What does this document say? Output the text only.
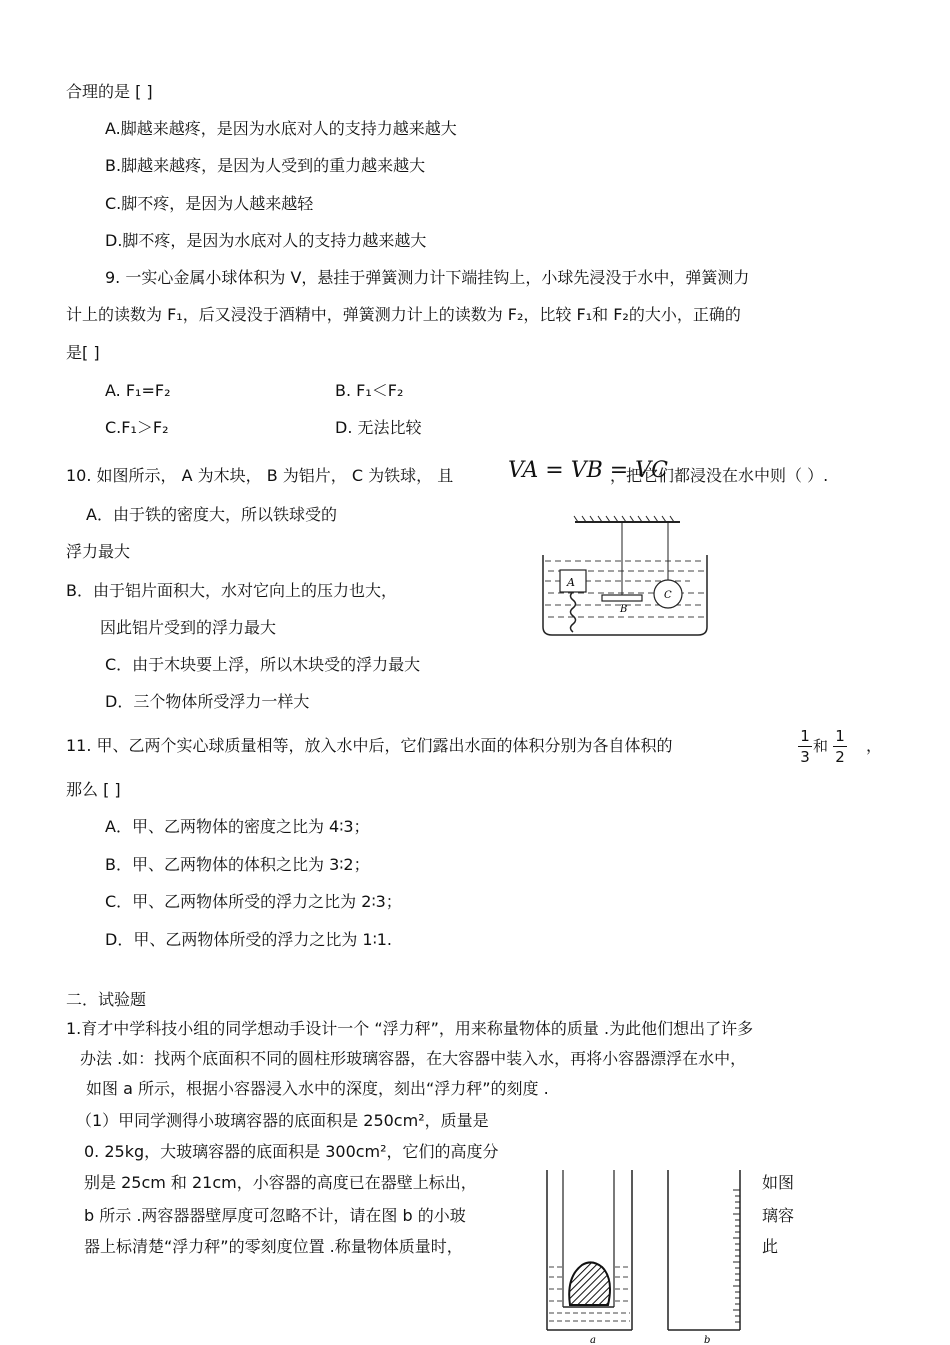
合理的是 [ ]
A.脚越来越疼，是因为水底对人的支持力越来越大
B.脚越来越疼，是因为人受到的重力越来越大
C.脚不疼，是因为人越来越轻
D.脚不疼，是因为水底对人的支持力越来越大
9. 一实心金属小球体积为 V，悬挂于弹簧测力计下端挂钩上，小球先浸没于水中，弹簧测力
计上的读数为 F₁，后又浸没于酒精中，弹簧测力计上的读数为 F₂，比较 F₁和 F₂的大小，正确的
是[ ]
A. F₁=F₂	B. F₁＜F₂
C.F₁＞F₂	D. 无法比较
10. 如图所示， A 为木块， B 为铝片， C 为铁球， 且 VA = VB = VC
，把它们都浸没在水中则（ ）.
A．由于铁的密度大，所以铁球受的
浮力最大
B．由于铝片面积大，水对它向上的压力也大，
因此铝片受到的浮力最大
C．由于木块要上浮，所以木块受的浮力最大
D．三个物体所受浮力一样大
A
B
C
11. 甲、乙两个实心球质量相等，放入水中后，它们露出水面的体积分别为各自体积的	1
3
和
1
2
，
那么 [ ]
A．甲、乙两物体的密度之比为 4∶3；
B．甲、乙两物体的体积之比为 3∶2；
C．甲、乙两物体所受的浮力之比为 2∶3；
D．甲、乙两物体所受的浮力之比为 1∶1.
二．试验题
1.育才中学科技小组的同学想动手设计一个 “浮力秤”，用来称量物体的质量 .为此他们想出了许多
办法 .如：找两个底面积不同的圆柱形玻璃容器，在大容器中装入水，再将小容器漂浮在水中，
如图 a 所示，根据小容器浸入水中的深度，刻出“浮力秤”的刻度 .
（1）甲同学测得小玻璃容器的底面积是 250cm²，质量是
0. 25kg，大玻璃容器的底面积是 300cm²，它们的高度分
别是 25cm 和 21cm，小容器的高度已在器壁上标出，	如图
b 所示 .两容器器壁厚度可忽略不计，请在图 b 的小玻	璃容
器上标清楚“浮力秤”的零刻度位置 .称量物体质量时，	此
a	b
